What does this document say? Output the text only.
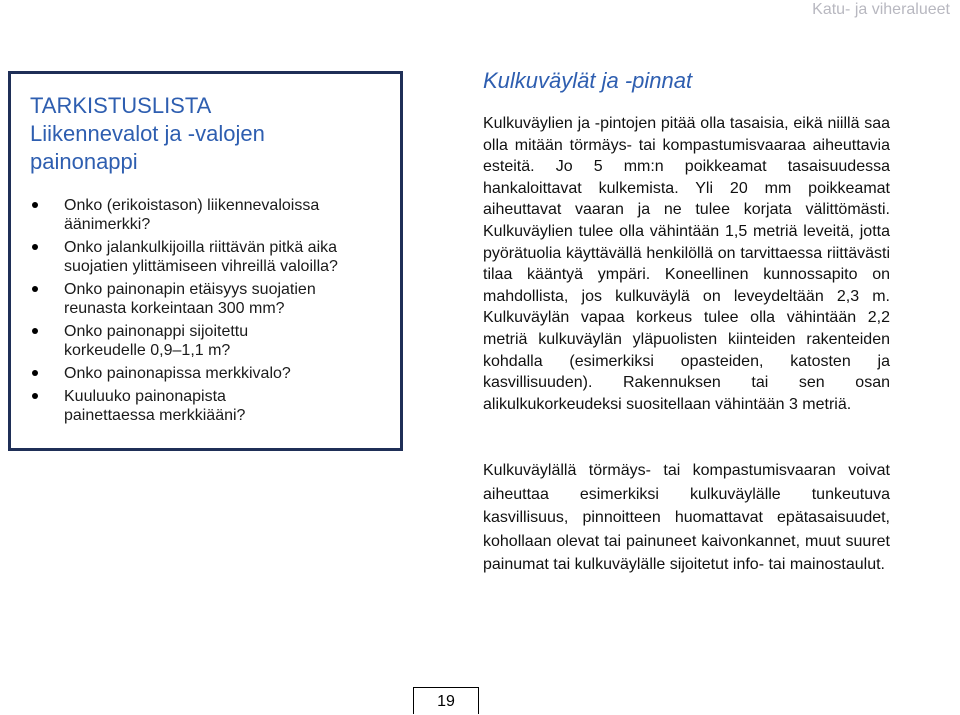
Katu- ja viheralueet
TARKISTUSLISTA
Liikennevalot ja -valojen
painonappi
Onko (erikoistason) liikennevaloissa
äänimerkki?
Onko jalankulkijoilla riittävän pitkä aika
suojatien ylittämiseen vihreillä valoilla?
Onko painonapin etäisyys suojatien
reunasta korkeintaan 300 mm?
Onko painonappi sijoitettu
korkeudelle 0,9–1,1 m?
Onko painonapissa merkkivalo?
Kuuluuko painonapista
painettaessa merkkiääni?
Kulkuväylät ja -pinnat

Kulkuväylien ja -pintojen pitää olla tasaisia, eikä niillä saa olla mitään törmäys- tai kompastumisvaaraa aiheuttavia esteitä. Jo 5 mm:n poikkeamat tasaisuudessa hankaloittavat kulkemista. Yli 20 mm poikkeamat aiheuttavat vaaran ja ne tulee korjata välittömästi. Kulkuväylien tulee olla vähintään 1,5 metriä leveitä, jotta pyörätuolia käyttävällä henkilöllä on tarvittaessa riittävästi tilaa kääntyä ympäri. Koneellinen kunnossapito on mahdollista, jos kulkuväylä on leveydeltään 2,3 m. Kulkuväylän vapaa korkeus tulee olla vähintään 2,2 metriä kulkuväylän yläpuolisten kiinteiden rakenteiden kohdalla (esimerkiksi opasteiden, katosten ja kasvillisuuden). Rakennuksen tai sen osan alikulkukorkeudeksi suositellaan vähintään 3 metriä.

Kulkuväylällä törmäys- tai kompastumisvaaran voivat aiheuttaa esimerkiksi kulkuväylälle tunkeutuva kasvillisuus, pinnoitteen huomattavat epätasaisuudet, kohollaan olevat tai painuneet kaivonkannet, muut suuret painumat tai kulkuväylälle sijoitetut info- tai mainostaulut.

19
